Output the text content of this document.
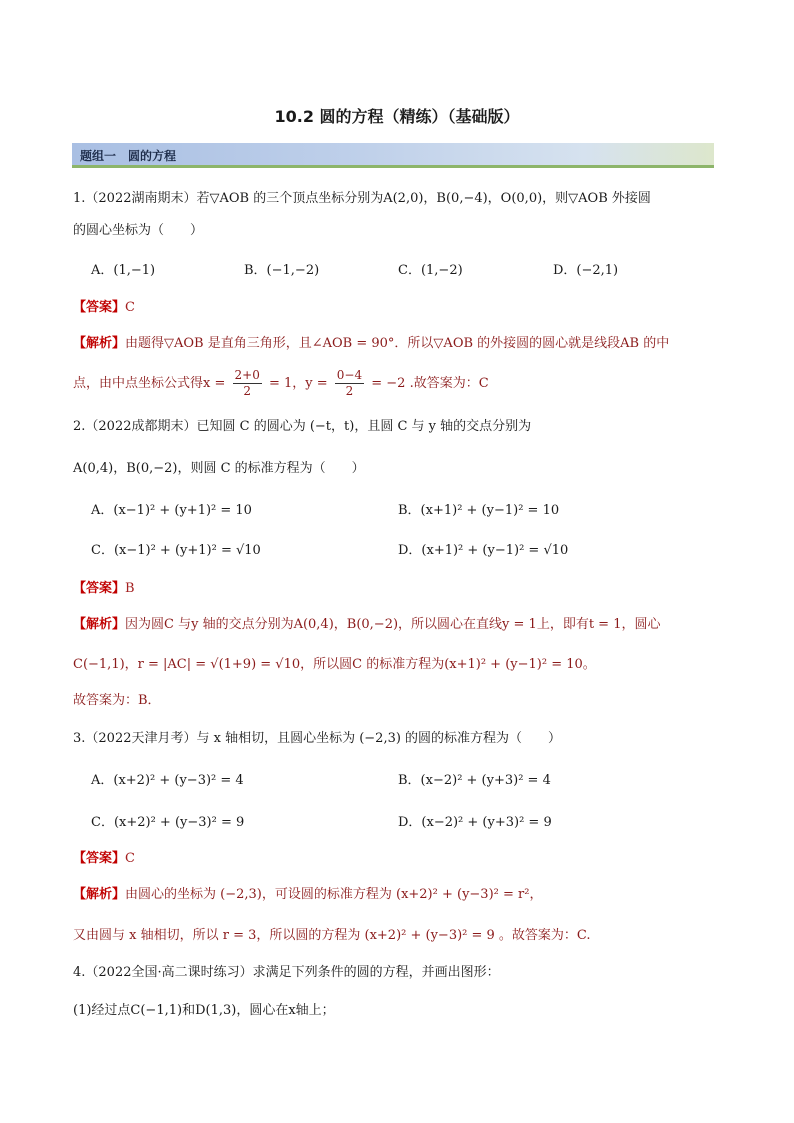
10.2 圆的方程（精练）（基础版）
题组一　圆的方程
1.（2022湖南期末）若▽AOB 的三个顶点坐标分别为A(2,0)，B(0,−4)，O(0,0)，则▽AOB 外接圆
的圆心坐标为（　　）
A．(1,−1)	B．(−1,−2)	C．(1,−2)	D．(−2,1)
【答案】C
【解析】由题得▽AOB 是直角三角形，且∠AOB = 90°．所以▽AOB 的外接圆的圆心就是线段AB 的中
点，由中点坐标公式得$x = \frac{2+0}{2} = 1$，$y = \frac{0-4}{2} = -2$ .故答案为：C
2.（2022成都期末）已知圆 C 的圆心为 (−t，t)，且圆 C 与 y 轴的交点分别为
A(0,4)，B(0,−2)，则圆 C 的标准方程为（　　）
A．(x−1)² + (y+1)² = 10	B．(x+1)² + (y−1)² = 10
C．(x−1)² + (y+1)² = √10	D．(x+1)² + (y−1)² = √10
【答案】B
【解析】因为圆C 与y 轴的交点分别为A(0,4)，B(0,−2)，所以圆心在直线y = 1上，即有t = 1，圆心
C(−1,1)，r = |AC| = √(1+9) = √10，所以圆C 的标准方程为(x+1)² + (y−1)² = 10。
故答案为：B．
3.（2022天津月考）与 x 轴相切，且圆心坐标为 (−2,3) 的圆的标准方程为（　　）
A．(x+2)² + (y−3)² = 4	B．(x−2)² + (y+3)² = 4
C．(x+2)² + (y−3)² = 9	D．(x−2)² + (y+3)² = 9
【答案】C
【解析】由圆心的坐标为 (−2,3)，可设圆的标准方程为 (x+2)² + (y−3)² = r²，
又由圆与 x 轴相切，所以 r = 3，所以圆的方程为 (x+2)² + (y−3)² = 9 。故答案为：C.
4.（2022全国·高二课时练习）求满足下列条件的圆的方程，并画出图形：
(1)经过点C(−1,1)和D(1,3)，圆心在x轴上；
